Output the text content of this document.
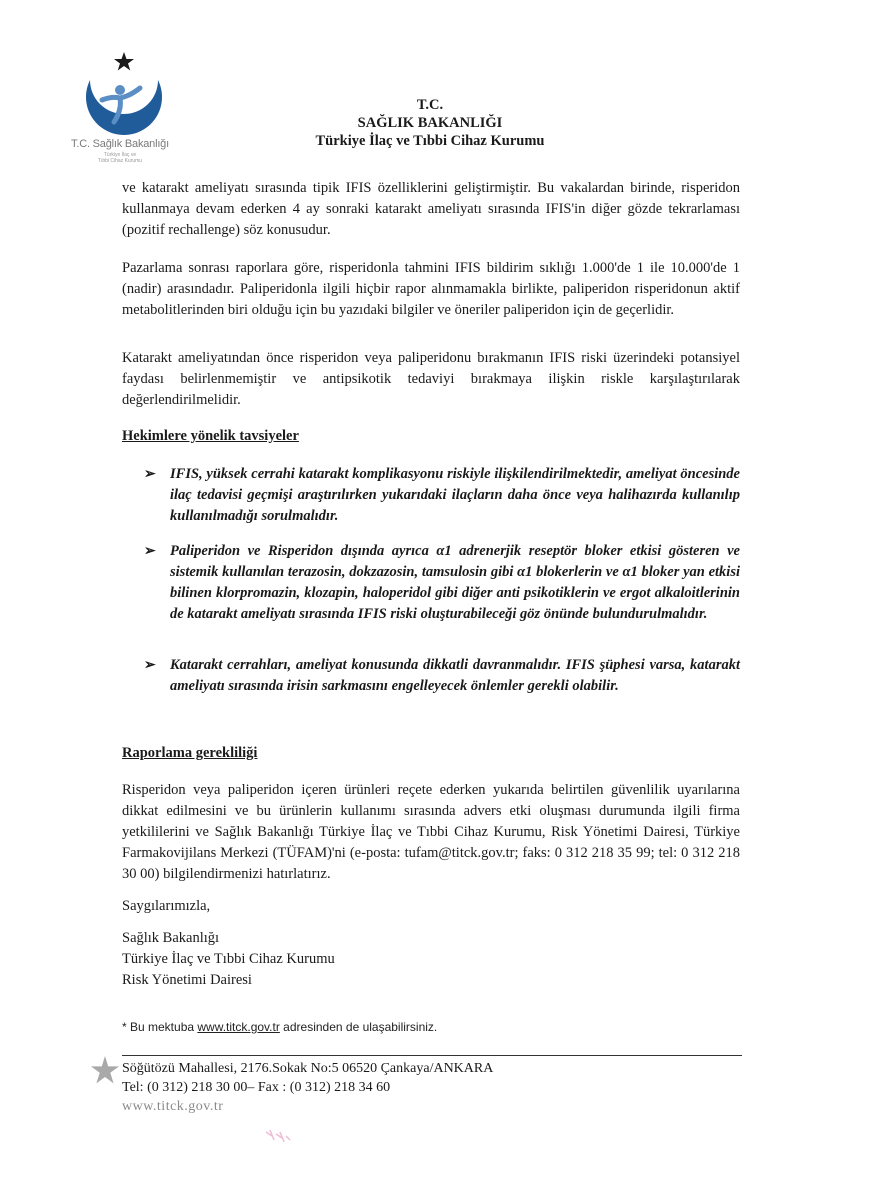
T.C. Sağlık Bakanlığı
Türkiye İlaç ve
Tıbbi Cihaz Kurumu
T.C.
SAĞLIK BAKANLIĞI
Türkiye İlaç ve Tıbbi Cihaz Kurumu

ve katarakt ameliyatı sırasında tipik IFIS özelliklerini geliştirmiştir. Bu vakalardan birinde, risperidon kullanmaya devam ederken 4 ay sonraki katarakt ameliyatı sırasında IFIS'in diğer gözde tekrarlaması (pozitif rechallenge) söz konusudur.

Pazarlama sonrası raporlara göre, risperidonla tahmini IFIS bildirim sıklığı 1.000'de 1 ile 10.000'de 1 (nadir) arasındadır. Paliperidonla ilgili hiçbir rapor alınmamakla birlikte, paliperidon risperidonun aktif metabolitlerinden biri olduğu için bu yazıdaki bilgiler ve öneriler paliperidon için de geçerlidir.

Katarakt ameliyatından önce risperidon veya paliperidonu bırakmanın IFIS riski üzerindeki potansiyel faydası belirlenmemiştir ve antipsikotik tedaviyi bırakmaya ilişkin riskle karşılaştırılarak değerlendirilmelidir.

Hekimlere yönelik tavsiyeler

➢ IFIS, yüksek cerrahi katarakt komplikasyonu riskiyle ilişkilendirilmektedir, ameliyat öncesinde ilaç tedavisi geçmişi araştırılırken yukarıdaki ilaçların daha önce veya halihazırda kullanılıp kullanılmadığı sorulmalıdır.
➢ Paliperidon ve Risperidon dışında ayrıca α1 adrenerjik reseptör bloker etkisi gösteren ve sistemik kullanılan terazosin, dokzazosin, tamsulosin gibi α1 blokerlerin ve α1 bloker yan etkisi bilinen klorpromazin, klozapin, haloperidol gibi diğer anti psikotiklerin ve ergot alkaloitlerinin de katarakt ameliyatı sırasında IFIS riski oluşturabileceği göz önünde bulundurulmalıdır.
➢ Katarakt cerrahları, ameliyat konusunda dikkatli davranmalıdır. IFIS şüphesi varsa, katarakt ameliyatı sırasında irisin sarkmasını engelleyecek önlemler gerekli olabilir.

Raporlama gerekliliği

Risperidon veya paliperidon içeren ürünleri reçete ederken yukarıda belirtilen güvenlilik uyarılarına dikkat edilmesini ve bu ürünlerin kullanımı sırasında advers etki oluşması durumunda ilgili firma yetkililerini ve Sağlık Bakanlığı Türkiye İlaç ve Tıbbi Cihaz Kurumu, Risk Yönetimi Dairesi, Türkiye Farmakovijilans Merkezi (TÜFAM)'ni (e-posta: tufam@titck.gov.tr; faks: 0 312 218 35 99; tel: 0 312 218 30 00) bilgilendirmenizi hatırlatırız.

Saygılarımızla,

Sağlık Bakanlığı
Türkiye İlaç ve Tıbbi Cihaz Kurumu
Risk Yönetimi Dairesi
* Bu mektuba www.titck.gov.tr adresinden de ulaşabilirsiniz.
Söğütözü Mahallesi, 2176.Sokak No:5 06520 Çankaya/ANKARA
Tel: (0 312) 218 30 00– Fax : (0 312) 218 34 60
www.titck.gov.tr
